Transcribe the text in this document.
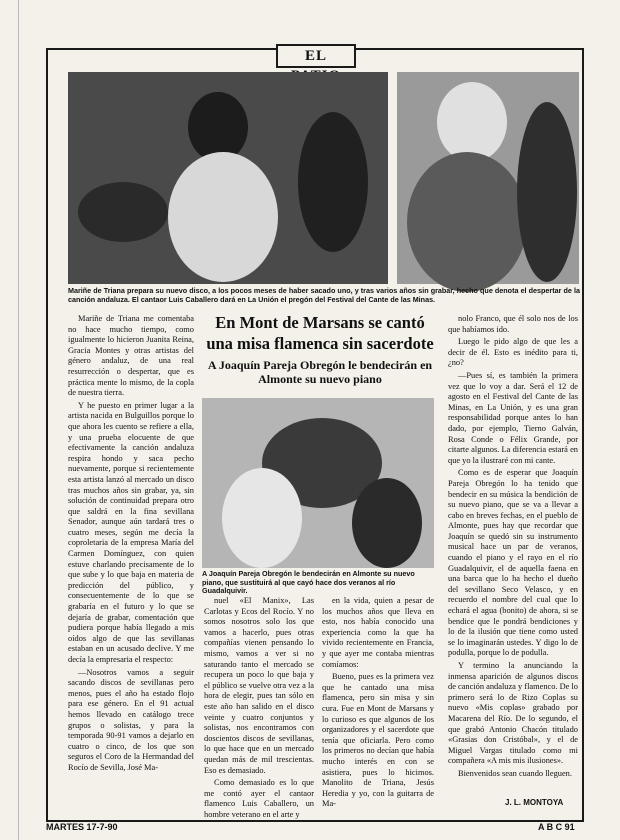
EL
Mariñe de Triana prepara su nuevo disco, a los pocos meses de haber sacado uno, y tras varios años sin grabar, hecho que denota el despertar de la canción andaluza. El cantaor Luis Caballero dará en La Unión el pregón del Festival del Cante de las Minas.

Mariñe de Triana me comentaba no hace mucho tiempo, como igualmente lo hicieron Juanita Reina, Gracia Montes y otras artistas del género andaluz, de una real resurrección o despertar, que es práctica mente lo mismo, de la copla de nuestra tierra.

Y he puesto en primer lugar a la artista nacida en Bulguillos porque lo que ahora les cuento se refiere a ella, y una prueba elocuente de que efectivamente la canción andaluza respira hondo y saca pecho nuevamente, porque si recientemente esta artista lanzó al mercado un disco tras muchos años sin grabar, ya, sin solución de continuidad prepara otro que saldrá en la fina sevillana Senador, aunque aún tardará tres o cuatro meses, según me decía la coproletaria de la empresa María del Carmen Domínguez, con quien estuve charlando precisamente de lo que sube y lo que baja en materia de predicción del público, y consecuentemente de lo que se grabaría en el futuro y lo que se dejaría de grabar, comentación que pudiera porque había llegado a mis oídos algo de que las sevillanas estaban en un acusado declive. Y me decía la empresaria el respecto:

—Nosotros vamos a seguir sacando discos de sevillanas pero menos, pues el año ha estado flojo para ese género. En el 91 actual hemos llevado en catálogo trece grupos o solistas, y para la temporada 90-91 vamos a dejarlo en cuatro o cinco, de los que son seguros el Coro de la Hermandad del Rocío de Sevilla, José Ma-

En Mont de Marsans se cantó una misa flamenca sin sacerdote
A Joaquín Pareja Obregón le bendecirán en Almonte su nuevo piano
A Joaquín Pareja Obregón le bendecirán en Almonte su nuevo piano, que sustituirá al que cayó hace dos veranos al río Guadalquivir.

nuel «El Manix», Las Carlotas y Ecos del Rocío. Y no somos nosotros solo los que vamos a hacerlo, pues otras compañías vienen pensando lo mismo, vamos a ver si no saturando tanto el mercado se recupera un poco lo que baja y el público se vuelve otra vez a la hora de elegir, pues tan sólo en este año han salido en el disco veinte y cuatro conjuntos y solistas, nos encontramos con doscientos discos de sevillanas, lo que hace que en un mercado quedan más de mil trescientas. Eso es demasiado.

Como demasiado es lo que me contó ayer el cantaor flamenco Luis Caballero, un hombre veterano en el arte y

en la vida, quien a pesar de los muchos años que lleva en esto, nos había conocido una experiencia como la que ha vivido recientemente en Francia, y que ayer me contaba mientras comíamos:

Bueno, pues es la primera vez que he cantado una misa flamenca, pero sin misa y sin cura. Fue en Mont de Marsans y lo curioso es que algunos de los organizadores y el sacerdote que tenía que oficiarla. Pero como los primeros no decían que había mucho interés en con se asistiera, pues lo hicimos. Manolito de Triana, Jesús Heredia y yo, con la guitarra de Ma-

nolo Franco, que él solo nos de los que habíamos ido.

Luego le pido algo de que les a decir de él. Esto es inédito para ti, ¿no?

—Pues sí, es también la primera vez que lo voy a dar. Será el 12 de agosto en el Festival del Cante de las Minas, en La Unión, y es una gran responsabilidad porque antes lo han dado, por ejemplo, Tierno Galván, Rosa Conde o Félix Grande, por citarte algunos. La diferencia estará en que yo la ilustraré con mi cante.

Como es de esperar que Joaquín Pareja Obregón lo ha tenido que bendecir en su música la bendición de su nuevo piano, que se va a llevar a cabo en breves fechas, en el pueblo de Almonte, pues hay que recordar que Joaquín se quedó sin su instrumento musical hace un par de veranos, cuando el piano y el rayo en el río Guadalquivir, el de aquella faena en una barca que lo ha hecho el dueño del sevillano Seco Velasco, y en recuerdo el nombre del cual que lo echará el agua (bonito) de ahora, si se bendice que le pondrá bendiciones y lo de la ilusión que tiene como usted se lo imaginarán ustedes. Y digo lo de podulla, porque lo de podulla.

Y termino la anunciando la inmensa aparición de algunos discos de canción andaluza y flamenco. De lo primero será lo de Rizo Coplas su nuevo «Mis coplas» grabado por Macarena del Río. De lo segundo, el que grabó Antonio Chacón titulado «Grasias don Cristóbal», y el de Miguel Vargas titulado como mi compañera «A mis mis ilusiones».

Bienvenidos sean cuando lleguen.

J. L. MONTOYA
MARTES 17-7-90	A B C 91
